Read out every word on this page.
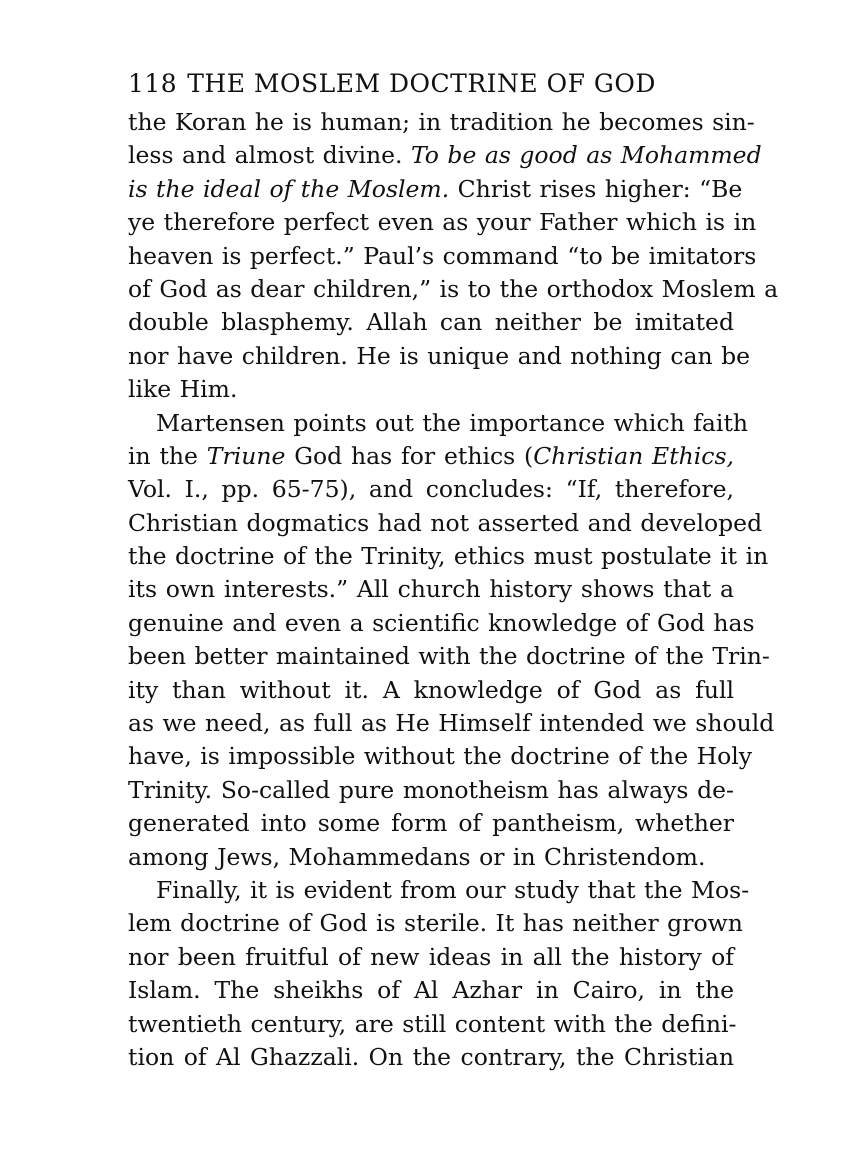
118 THE MOSLEM DOCTRINE OF GOD
the Koran he is human; in tradition he becomes sin-
less and almost divine. To be as good as Mohammed
is the ideal of the Moslem. Christ rises higher: “Be
ye therefore perfect even as your Father which is in
heaven is perfect.” Paul’s command “to be imitators
of God as dear children,” is to the orthodox Moslem a
double blasphemy. Allah can neither be imitated
nor have children. He is unique and nothing can be
like Him.
Martensen points out the importance which faith
in the Triune God has for ethics (Christian Ethics,
Vol. I., pp. 65-75), and concludes: “If, therefore,
Christian dogmatics had not asserted and developed
the doctrine of the Trinity, ethics must postulate it in
its own interests.” All church history shows that a
genuine and even a scientific knowledge of God has
been better maintained with the doctrine of the Trin-
ity than without it. A knowledge of God as full
as we need, as full as He Himself intended we should
have, is impossible without the doctrine of the Holy
Trinity. So-called pure monotheism has always de-
generated into some form of pantheism, whether
among Jews, Mohammedans or in Christendom.
Finally, it is evident from our study that the Mos-
lem doctrine of God is sterile. It has neither grown
nor been fruitful of new ideas in all the history of
Islam. The sheikhs of Al Azhar in Cairo, in the
twentieth century, are still content with the defini-
tion of Al Ghazzali. On the contrary, the Christian
